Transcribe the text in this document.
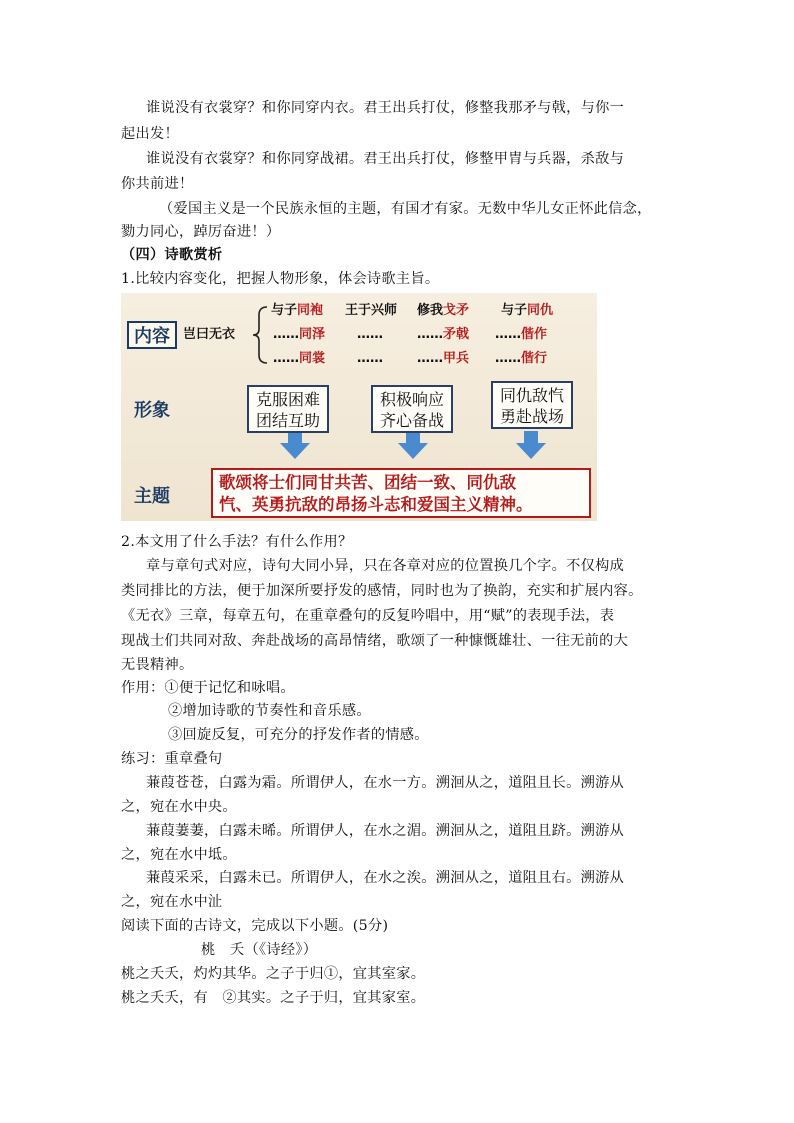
谁说没有衣裳穿？和你同穿内衣。君王出兵打仗，修整我那矛与戟，与你一
起出发！
谁说没有衣裳穿？和你同穿战裙。君王出兵打仗，修整甲胄与兵器，杀敌与
你共前进！
（爱国主义是一个民族永恒的主题，有国才有家。无数中华儿女正怀此信念，
勠力同心，踔厉奋进！）
（四）诗歌赏析
1.比较内容变化，把握人物形象，体会诗歌主旨。
内容
形象
主题
岂曰无衣
与子同袍
……同泽
……同裳
王于兴师
……
……
修我戈矛
……矛戟
……甲兵
与子同仇
……偕作
……偕行
克服困难
团结互助
积极响应
齐心备战
同仇敌忾
勇赴战场
歌颂将士们同甘共苦、团结一致、同仇敌
忾、英勇抗敌的昂扬斗志和爱国主义精神。
2.本文用了什么手法？有什么作用？
章与章句式对应，诗句大同小异，只在各章对应的位置换几个字。不仅构成
类同排比的方法，便于加深所要抒发的感情，同时也为了换韵，充实和扩展内容。
《无衣》三章，每章五句，在重章叠句的反复吟唱中，用“赋”的表现手法，表
现战士们共同对敌、奔赴战场的高昂情绪，歌颂了一种慷慨雄壮、一往无前的大
无畏精神。
作用：①便于记忆和咏唱。
②增加诗歌的节奏性和音乐感。
③回旋反复，可充分的抒发作者的情感。
练习：重章叠句
蒹葭苍苍，白露为霜。所谓伊人，在水一方。溯洄从之，道阻且长。溯游从
之，宛在水中央。
蒹葭萋萋，白露未晞。所谓伊人，在水之湄。溯洄从之，道阻且跻。溯游从
之，宛在水中坻。
蒹葭采采，白露未已。所谓伊人，在水之涘。溯洄从之，道阻且右。溯游从
之，宛在水中沚
阅读下面的古诗文，完成以下小题。(5分)
桃　夭（《诗经》）
桃之夭夭，灼灼其华。之子于归①，宜其室家。
桃之夭夭，有　②其实。之子于归，宜其家室。
